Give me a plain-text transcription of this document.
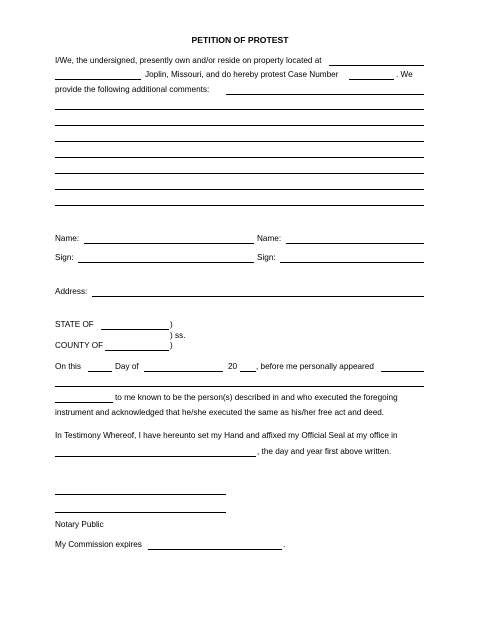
PETITION OF PROTEST
I/We, the undersigned, presently own and/or reside on property located at
Joplin, Missouri, and do hereby protest Case Number	. We
provide the following additional comments:
Name:	Name:
Sign:	Sign:
Address:
STATE OF	)
) ss.
COUNTY OF	)
On this	Day of	20 , before me personally appeared
to me known to be the person(s) described in and who executed the foregoing
instrument and acknowledged that he/she executed the same as his/her free act and deed.
In Testimony Whereof, I have hereunto set my Hand and affixed my Official Seal at my office in
, the day and year first above written.
Notary Public
My Commission expires	.
